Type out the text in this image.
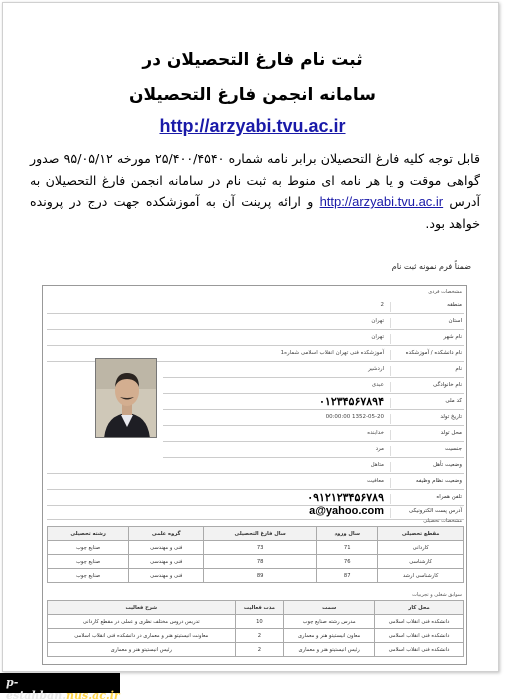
ثبت نام فارغ التحصیلان در
سامانه انجمن فارغ التحصیلان
http://arzyabi.tvu.ac.ir
قابل توجه کلیه فارغ التحصیلان برابر نامه شماره ۲۵/۴۰۰/۴۵۴۰ مورخه ۹۵/۰۵/۱۲ صدور گواهی موقت و یا هر نامه ای منوط به ثبت نام در سامانه انجمن فارغ التحصیلان به آدرس http://arzyabi.tvu.ac.ir و ارائه پرینت آن به آموزشکده جهت درج در پرونده خواهد بود.
ضمناً فرم نمونه ثبت نام
مشخصات فردی
منطقه
2
استان
تهران
نام شهر
تهران
نام دانشکده / آموزشکده
آموزشکده فنی تهران انقلاب اسلامی شماره1
نام
اردشیر
نام خانوادگی
عبدی
کد ملی
۰۱۲۳۴۵۶۷۸۹۴
تاریخ تولد
1352-05-20 00:00:00
محل تولد
خدابنده
جنسیت
مرد
وضعیت تأهل
متاهل
وضعیت نظام وظیفه
معافیت
تلفن همراه
۰۹۱۲۱۲۳۴۵۶۷۸۹
آدرس پست الکترونیکی
a@yahoo.com
مشخصات تحصیلی
رشته تحصیلی	گروه علمی	سال فارغ التحصیلی	سال ورود	مقطع تحصیلی
صنایع چوب	فنی و مهندسی	73	71	کاردانی
صنایع چوب	فنی و مهندسی	78	76	کارشناسی
صنایع چوب	فنی و مهندسی	89	87	کارشناسی ارشد
سوابق شغلی و تجربیات
شرح فعالیت	مدت فعالیت	سمت	محل کار
تدریس دروس مختلف نظری و عملی در مقطع کاردانی	10	مدرس رشته صنایع چوب	دانشکده فنی انقلاب اسلامی
معاونت انیستیتو هنر و معماری در دانشکده فنی انقلاب اسلامی	2	معاون انیستیتو هنر و معماری	دانشکده فنی انقلاب اسلامی
رئیس انیستیتو هنر و معماری	2	رئیس انیستیتو هنر و معماری	دانشکده فنی انقلاب اسلامی
p-estahban.nus.ac.ir
